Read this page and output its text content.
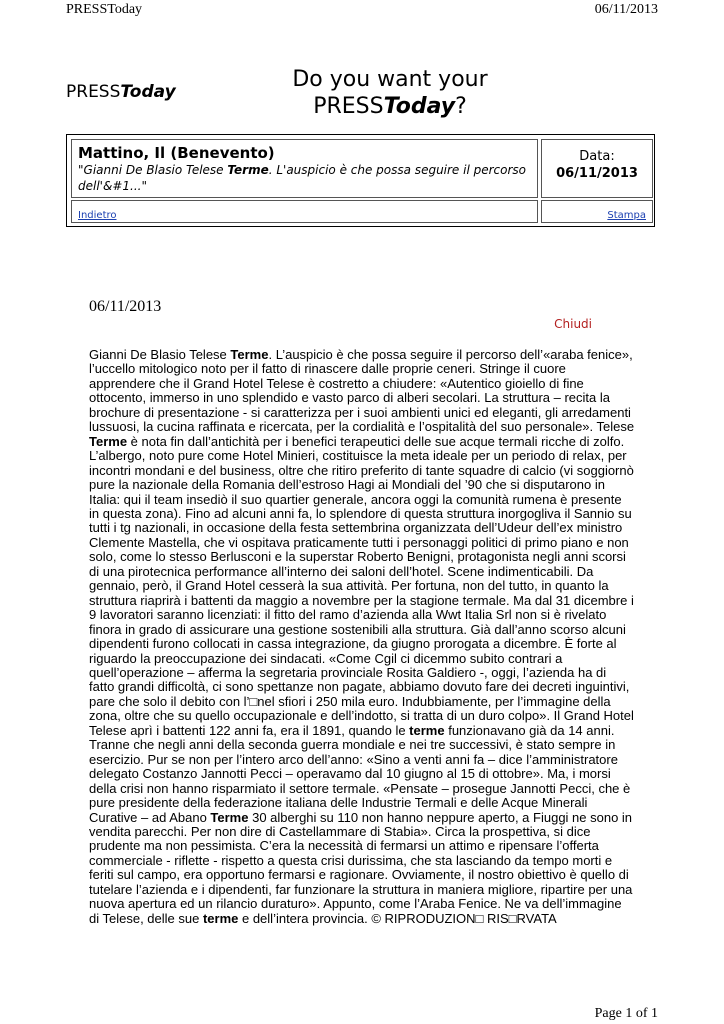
PRESSToday	06/11/2013
PRESSToday	Do you want your
PRESSToday?
Mattino, Il (Benevento)
"Gianni De Blasio Telese Terme. L'auspicio è che possa seguire il percorso dell'&#1..."
Data:
06/11/2013
Indietro	Stampa
06/11/2013
Chiudi
Gianni De Blasio Telese Terme. L’auspicio è che possa seguire il percorso dell’«araba fenice», l’uccello mitologico noto per il fatto di rinascere dalle proprie ceneri. Stringe il cuore apprendere che il Grand Hotel Telese è costretto a chiudere: «Autentico gioiello di fine ottocento, immerso in uno splendido e vasto parco di alberi secolari. La struttura – recita la brochure di presentazione - si caratterizza per i suoi ambienti unici ed eleganti, gli arredamenti lussuosi, la cucina raffinata e ricercata, per la cordialità e l’ospitalità del suo personale». Telese Terme è nota fin dall’antichità per i benefici terapeutici delle sue acque termali ricche di zolfo. L’albergo, noto pure come Hotel Minieri, costituisce la meta ideale per un periodo di relax, per incontri mondani e del business, oltre che ritiro preferito di tante squadre di calcio (vi soggiornò pure la nazionale della Romania dell’estroso Hagi ai Mondiali del ’90 che si disputarono in Italia: qui il team insediò il suo quartier generale, ancora oggi la comunità rumena è presente in questa zona). Fino ad alcuni anni fa, lo splendore di questa struttura inorgogliva il Sannio su tutti i tg nazionali, in occasione della festa settembrina organizzata dell’Udeur dell’ex ministro Clemente Mastella, che vi ospitava praticamente tutti i personaggi politici di primo piano e non solo, come lo stesso Berlusconi e la superstar Roberto Benigni, protagonista negli anni scorsi di una pirotecnica performance all’interno dei saloni dell’hotel. Scene indimenticabili. Da gennaio, però, il Grand Hotel cesserà la sua attività. Per fortuna, non del tutto, in quanto la struttura riaprirà i battenti da maggio a novembre per la stagione termale. Ma dal 31 dicembre i 9 lavoratori saranno licenziati: il fitto del ramo d’azienda alla Wwt Italia Srl non si è rivelato finora in grado di assicurare una gestione sostenibili alla struttura. Già dall’anno scorso alcuni dipendenti furono collocati in cassa integrazione, da giugno prorogata a dicembre. È forte al riguardo la preoccupazione dei sindacati. «Come Cgil ci dicemmo subito contrari a quell’operazione – afferma la segretaria provinciale Rosita Galdiero -, oggi, l’azienda ha di fatto grandi difficoltà, ci sono spettanze non pagate, abbiamo dovuto fare dei decreti inguintivi, pare che solo il debito con l’□nel sfiori i 250 mila euro. Indubbiamente, per l’immagine della zona, oltre che su quello occupazionale e dell’indotto, si tratta di un duro colpo». Il Grand Hotel Telese aprì i battenti 122 anni fa, era il 1891, quando le terme funzionavano già da 14 anni. Tranne che negli anni della seconda guerra mondiale e nei tre successivi, è stato sempre in esercizio. Pur se non per l’intero arco dell’anno: «Sino a venti anni fa – dice l’amministratore delegato Costanzo Jannotti Pecci – operavamo dal 10 giugno al 15 di ottobre». Ma, i morsi della crisi non hanno risparmiato il settore termale. «Pensate – prosegue Jannotti Pecci, che è pure presidente della federazione italiana delle Industrie Termali e delle Acque Minerali Curative – ad Abano Terme 30 alberghi su 110 non hanno neppure aperto, a Fiuggi ne sono in vendita parecchi. Per non dire di Castellammare di Stabia». Circa la prospettiva, si dice prudente ma non pessimista. C’era la necessità di fermarsi un attimo e ripensare l’offerta commerciale - riflette - rispetto a questa crisi durissima, che sta lasciando da tempo morti e feriti sul campo, era opportuno fermarsi e ragionare. Ovviamente, il nostro obiettivo è quello di tutelare l’azienda e i dipendenti, far funzionare la struttura in maniera migliore, ripartire per una nuova apertura ed un rilancio duraturo». Appunto, come l’Araba Fenice. Ne va dell’immagine di Telese, delle sue terme e dell’intera provincia. © RIPRODUZION□ RIS□RVATA
Page 1 of 1
